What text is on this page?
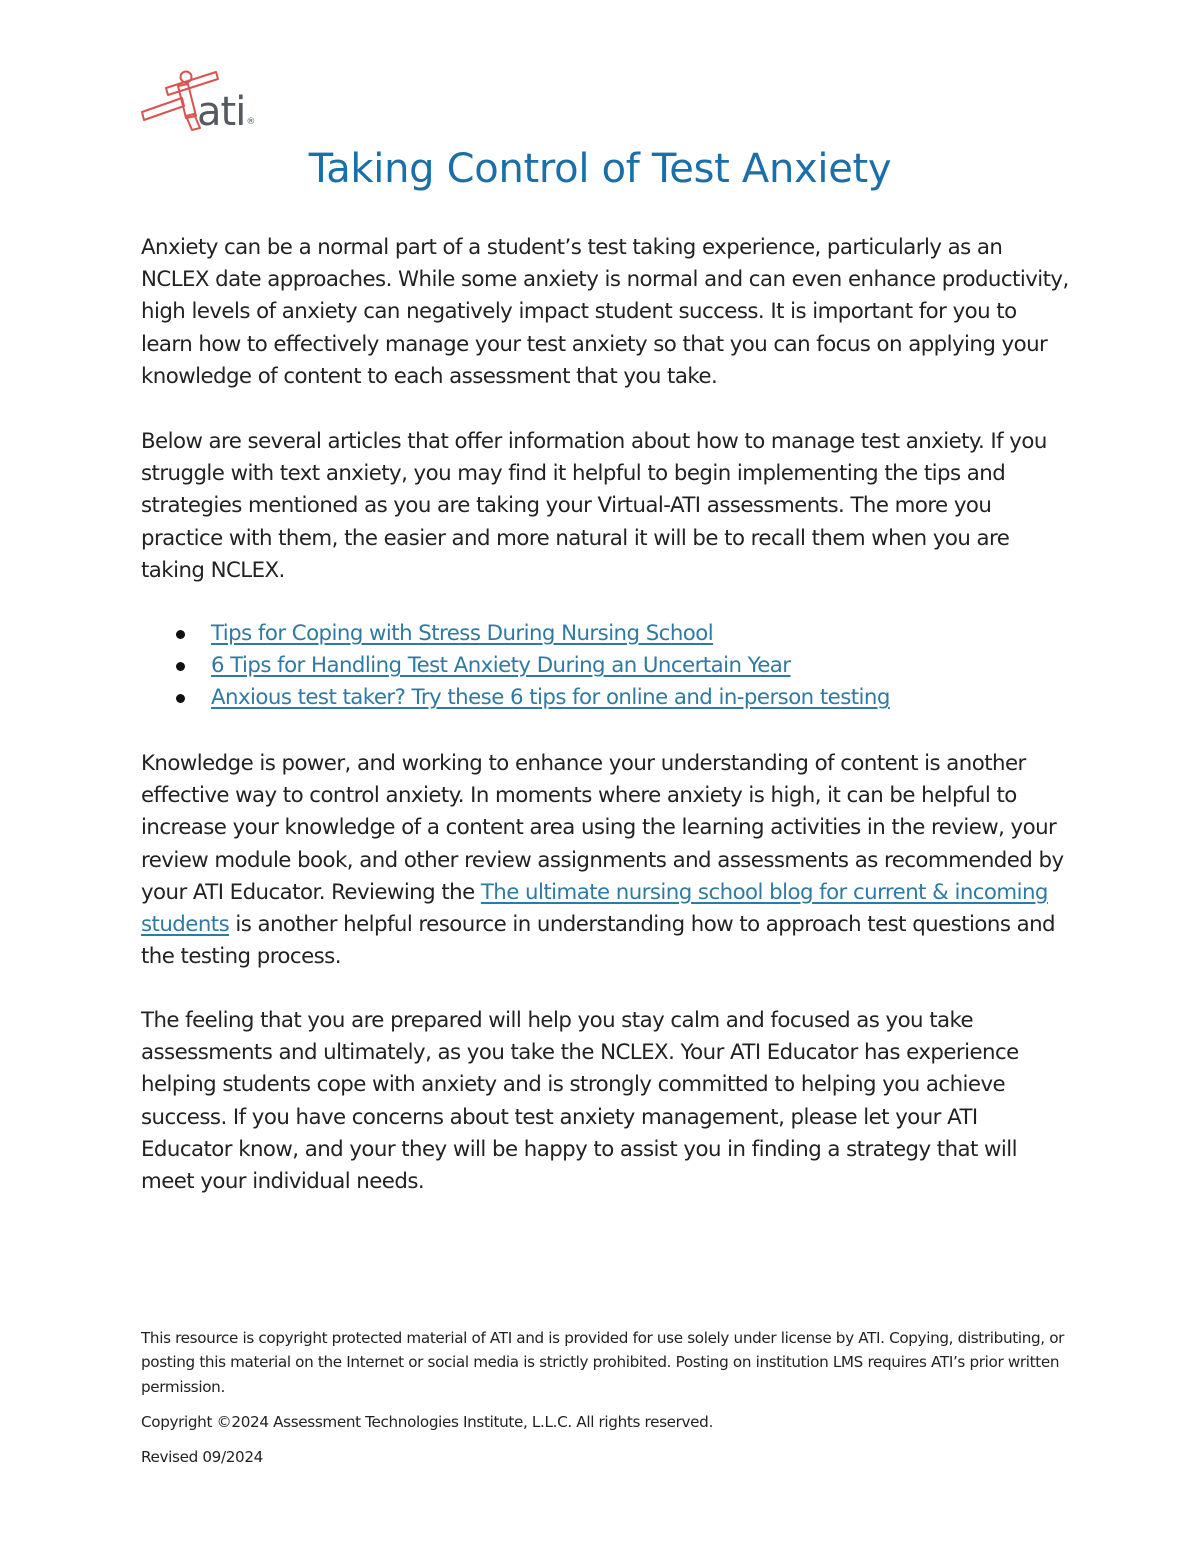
ati®
Taking Control of Test Anxiety

Anxiety can be a normal part of a student’s test taking experience, particularly as an NCLEX date approaches. While some anxiety is normal and can even enhance productivity, high levels of anxiety can negatively impact student success. It is important for you to learn how to effectively manage your test anxiety so that you can focus on applying your knowledge of content to each assessment that you take.

Below are several articles that offer information about how to manage test anxiety. If you struggle with text anxiety, you may find it helpful to begin implementing the tips and strategies mentioned as you are taking your Virtual-ATI assessments. The more you practice with them, the easier and more natural it will be to recall them when you are taking NCLEX.

Tips for Coping with Stress During Nursing School
6 Tips for Handling Test Anxiety During an Uncertain Year
Anxious test taker? Try these 6 tips for online and in-person testing

Knowledge is power, and working to enhance your understanding of content is another effective way to control anxiety. In moments where anxiety is high, it can be helpful to increase your knowledge of a content area using the learning activities in the review, your review module book, and other review assignments and assessments as recommended by your ATI Educator. Reviewing the The ultimate nursing school blog for current & incoming students is another helpful resource in understanding how to approach test questions and the testing process.

The feeling that you are prepared will help you stay calm and focused as you take assessments and ultimately, as you take the NCLEX. Your ATI Educator has experience helping students cope with anxiety and is strongly committed to helping you achieve success. If you have concerns about test anxiety management, please let your ATI Educator know, and your they will be happy to assist you in finding a strategy that will meet your individual needs.

This resource is copyright protected material of ATI and is provided for use solely under license by ATI. Copying, distributing, or posting this material on the Internet or social media is strictly prohibited. Posting on institution LMS requires ATI’s prior written permission.

Copyright ©2024 Assessment Technologies Institute, L.L.C. All rights reserved.

Revised 09/2024
